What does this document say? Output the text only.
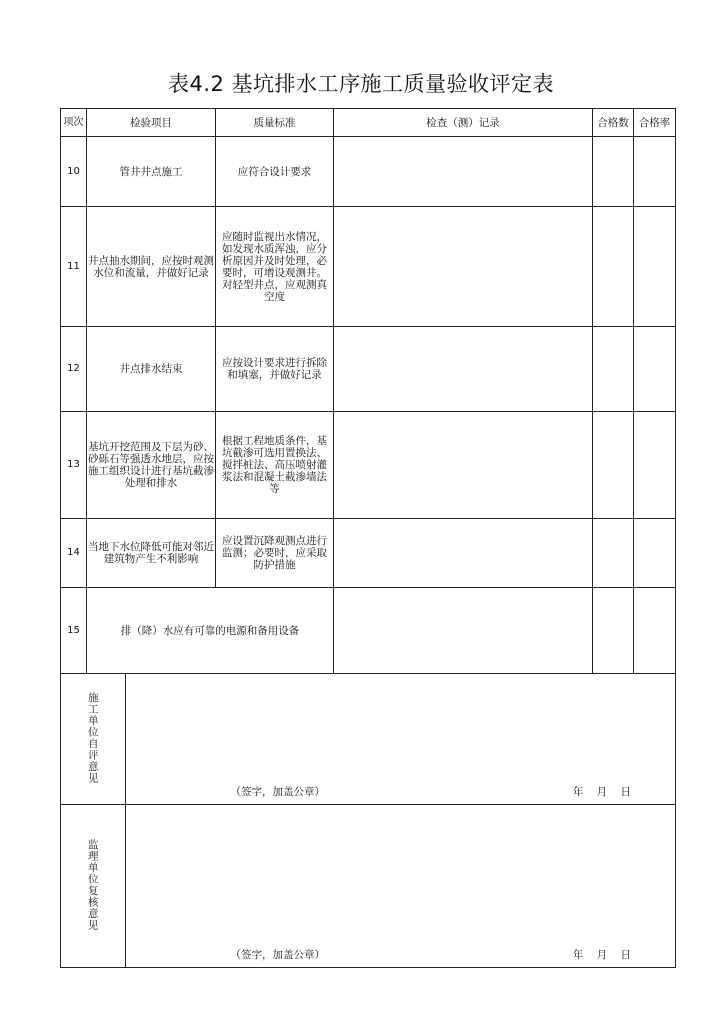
表4.2 基坑排水工序施工质量验收评定表
项次	检验项目	质量标准	检查（测）记录	合格数	合格率
10	管井井点施工	应符合设计要求			
11	井点抽水期间，应按时观测水位和流量，并做好记录	应随时监视出水情况，如发现水质浑浊，应分析原因并及时处理，必要时，可增设观测井。对轻型井点，应观测真空度			
12	井点排水结束	应按设计要求进行拆除和填塞，并做好记录			
13	基坑开挖范围及下层为砂、砂砾石等强透水地层，应按施工组织设计进行基坑截渗处理和排水	根据工程地质条件，基坑截渗可选用置换法、搅拌桩法、高压喷射灌浆法和混凝土截渗墙法等			
14	当地下水位降低可能对邻近建筑物产生不利影响	应设置沉降观测点进行监测；必要时，应采取防护措施			
15	排（降）水应有可靠的电源和备用设备			

施工单位自评意见	
（签字，加盖公章）	年 月 日

监理单位复核意见	
（签字，加盖公章）	年 月 日
